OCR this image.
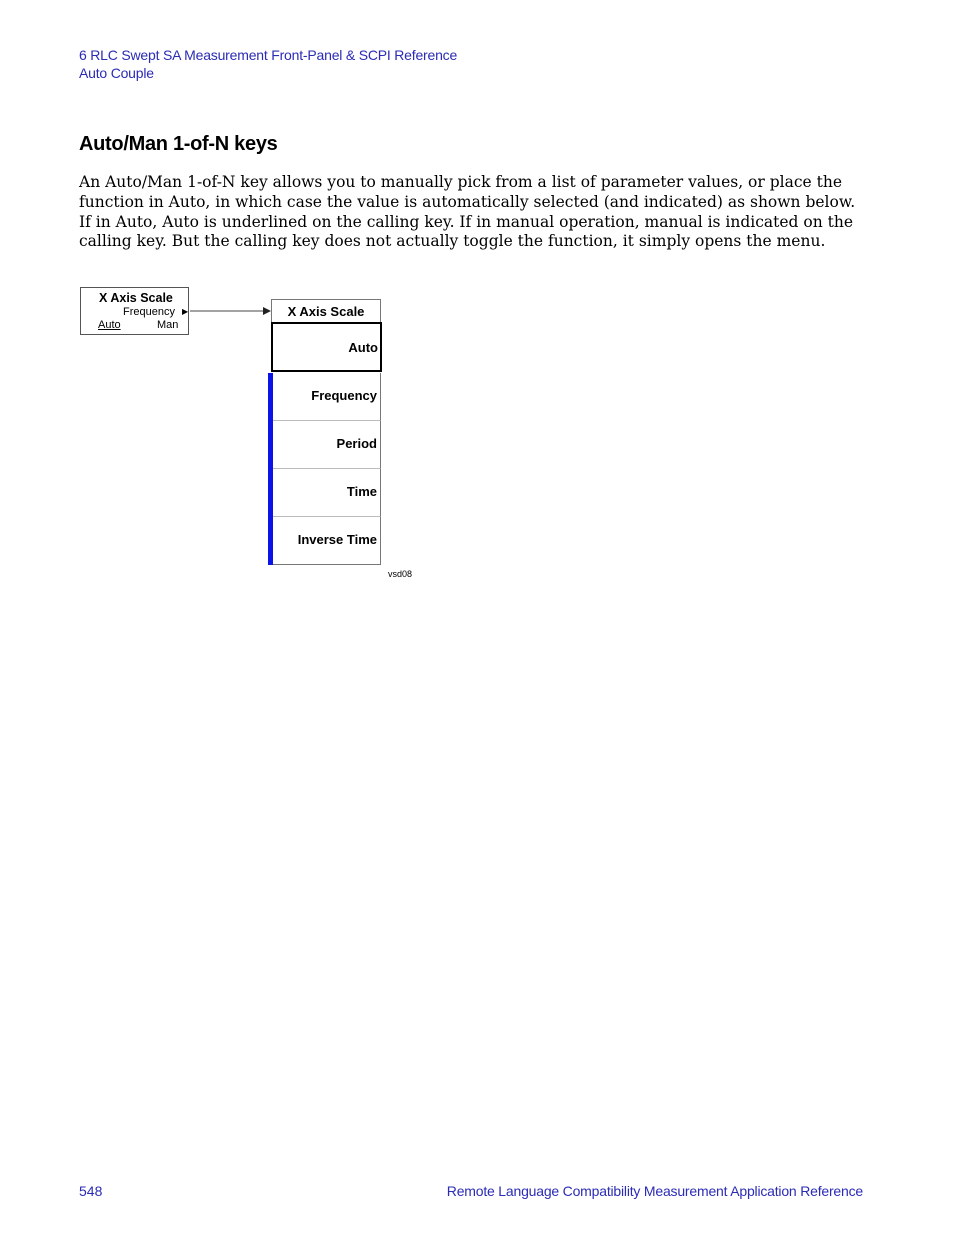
6 RLC Swept SA Measurement Front-Panel & SCPI Reference
Auto Couple
Auto/Man 1-of-N keys

An Auto/Man 1-of-N key allows you to manually pick from a list of parameter values, or place the function in Auto, in which case the value is automatically selected (and indicated) as shown below. If in Auto, Auto is underlined on the calling key. If in manual operation, manual is indicated on the calling key. But the calling key does not actually toggle the function, it simply opens the menu.

X Axis Scale
Frequency ▶
Auto	Man
X Axis Scale
Auto
Frequency
Period
Time
Inverse Time
vsd08
548	Remote Language Compatibility Measurement Application Reference
